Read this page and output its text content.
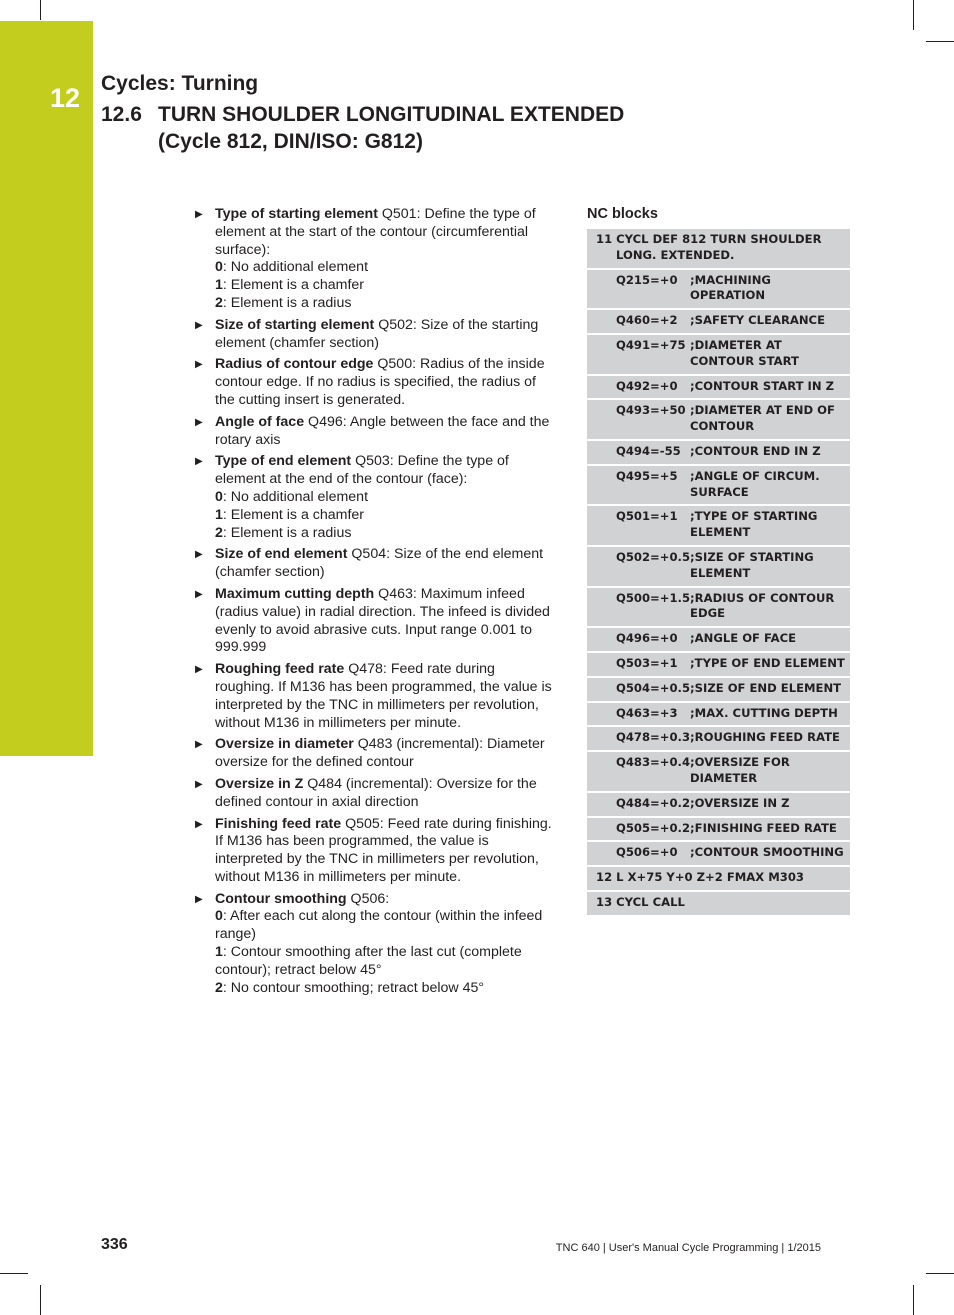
12 Cycles: Turning
12.6 TURN SHOULDER LONGITUDINAL EXTENDED
(Cycle 812, DIN/ISO: G812)
▶ Type of starting element Q501: Define the type of element at the start of the contour (circumferential surface):
0: No additional element
1: Element is a chamfer
2: Element is a radius
▶ Size of starting element Q502: Size of the starting element (chamfer section)
▶ Radius of contour edge Q500: Radius of the inside contour edge. If no radius is specified, the radius of the cutting insert is generated.
▶ Angle of face Q496: Angle between the face and the rotary axis
▶ Type of end element Q503: Define the type of element at the end of the contour (face):
0: No additional element
1: Element is a chamfer
2: Element is a radius
▶ Size of end element Q504: Size of the end element (chamfer section)
▶ Maximum cutting depth Q463: Maximum infeed (radius value) in radial direction. The infeed is divided evenly to avoid abrasive cuts. Input range 0.001 to 999.999
▶ Roughing feed rate Q478: Feed rate during roughing. If M136 has been programmed, the value is interpreted by the TNC in millimeters per revolution, without M136 in millimeters per minute.
▶ Oversize in diameter Q483 (incremental): Diameter oversize for the defined contour
▶ Oversize in Z Q484 (incremental): Oversize for the defined contour in axial direction
▶ Finishing feed rate Q505: Feed rate during finishing. If M136 has been programmed, the value is interpreted by the TNC in millimeters per revolution, without M136 in millimeters per minute.
▶ Contour smoothing Q506:
0: After each cut along the contour (within the infeed range)
1: Contour smoothing after the last cut (complete contour); retract below 45°
2: No contour smoothing; retract below 45°
NC blocks
11 CYCL DEF 812 TURN SHOULDER
LONG. EXTENDED.	

Q215=+0	;MACHINING OPERATION
Q460=+2	;SAFETY CLEARANCE
Q491=+75	;DIAMETER AT CONTOUR START
Q492=+0	;CONTOUR START IN Z
Q493=+50	;DIAMETER AT END OF CONTOUR
Q494=-55	;CONTOUR END IN Z
Q495=+5	;ANGLE OF CIRCUM. SURFACE
Q501=+1	;TYPE OF STARTING ELEMENT
Q502=+0.5	;SIZE OF STARTING ELEMENT
Q500=+1.5	;RADIUS OF CONTOUR EDGE
Q496=+0	;ANGLE OF FACE
Q503=+1	;TYPE OF END ELEMENT
Q504=+0.5	;SIZE OF END ELEMENT
Q463=+3	;MAX. CUTTING DEPTH
Q478=+0.3	;ROUGHING FEED RATE
Q483=+0.4	;OVERSIZE FOR DIAMETER
Q484=+0.2	;OVERSIZE IN Z
Q505=+0.2	;FINISHING FEED RATE
Q506=+0	;CONTOUR SMOOTHING
12 L X+75 Y+0 Z+2 FMAX M303	
13 CYCL CALL	
336	TNC 640 | User's Manual Cycle Programming | 1/2015
